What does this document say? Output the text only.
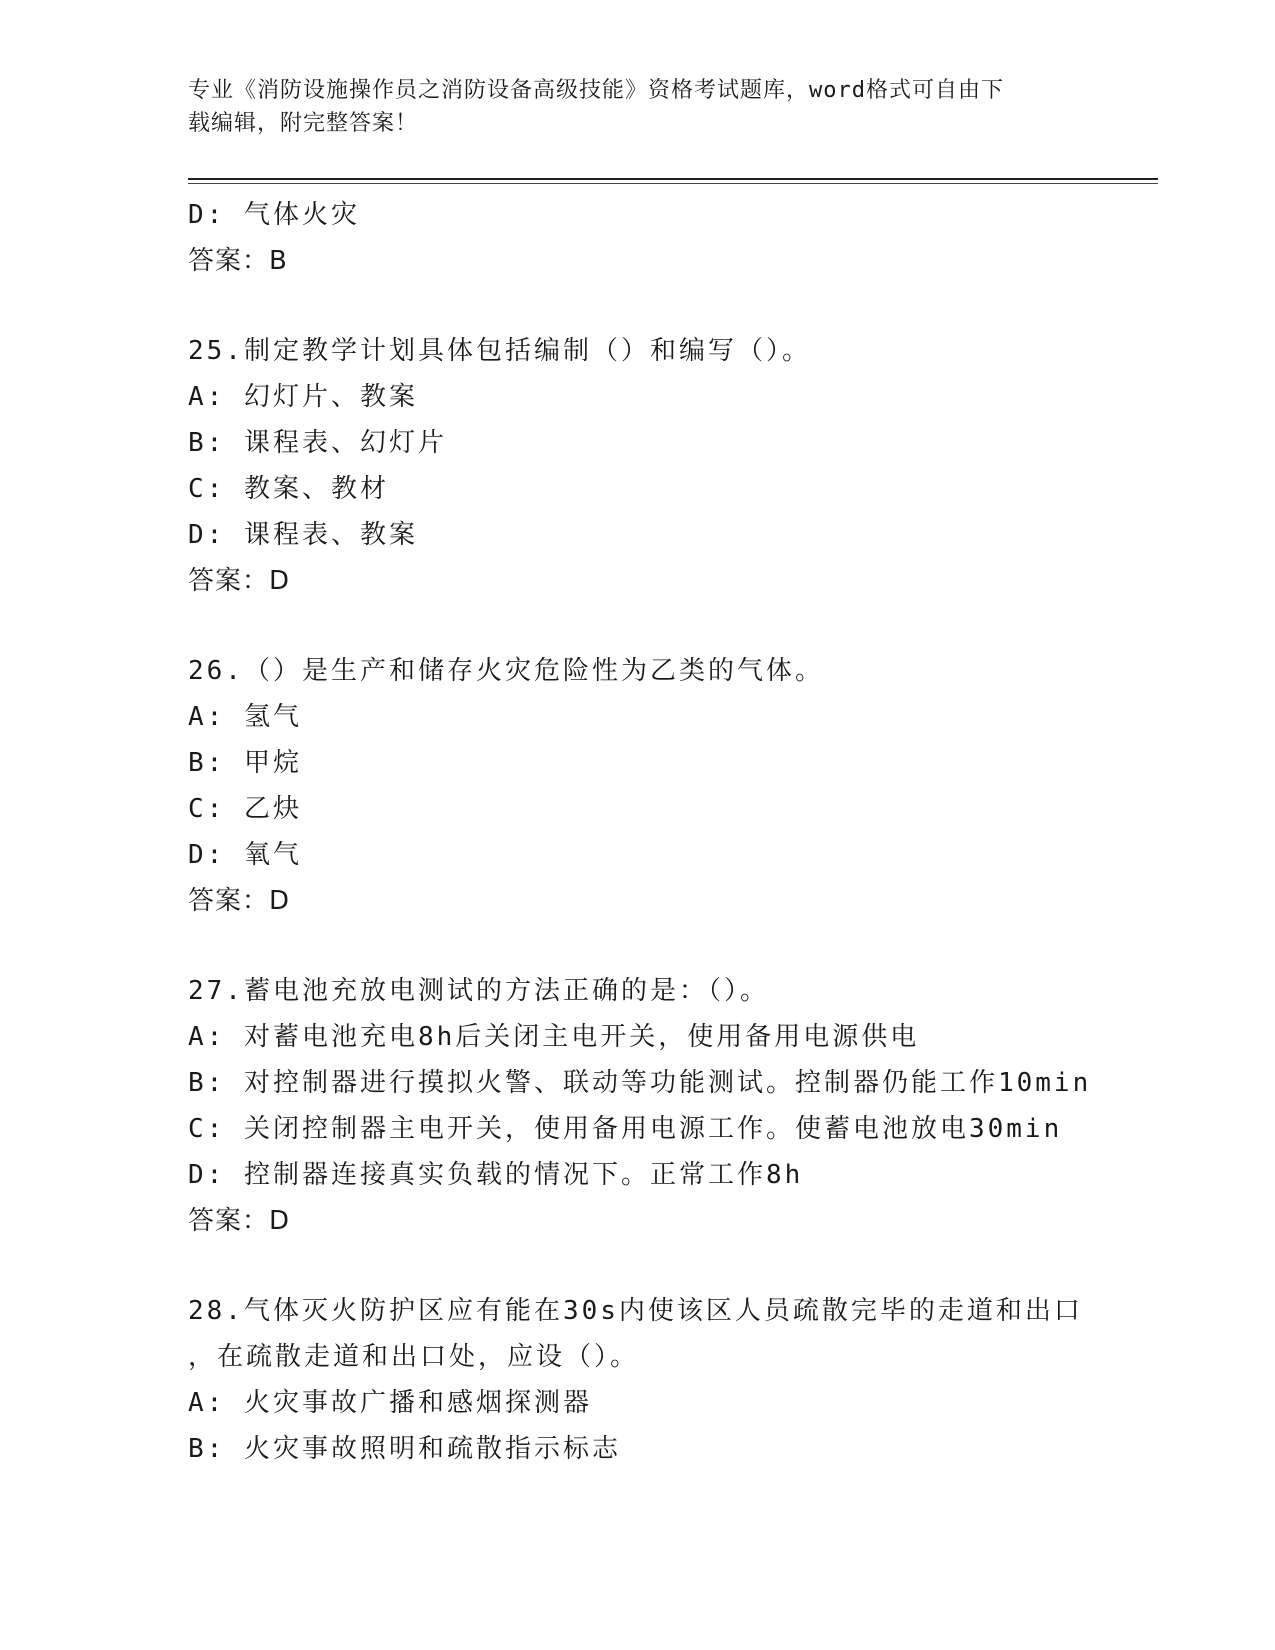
专业《消防设施操作员之消防设备高级技能》资格考试题库，word格式可自由下
载编辑，附完整答案！
D: 气体火灾
答案：B
25.制定教学计划具体包括编制（）和编写（）。
A: 幻灯片、教案
B: 课程表、幻灯片
C: 教案、教材
D: 课程表、教案
答案：D
26.（）是生产和储存火灾危险性为乙类的气体。
A: 氢气
B: 甲烷
C: 乙炔
D: 氧气
答案：D
27.蓄电池充放电测试的方法正确的是：（）。
A: 对蓄电池充电8h后关闭主电开关，使用备用电源供电
B: 对控制器进行摸拟火警、联动等功能测试。控制器仍能工作10min
C: 关闭控制器主电开关，使用备用电源工作。使蓄电池放电30min
D: 控制器连接真实负载的情况下。正常工作8h
答案：D
28.气体灭火防护区应有能在30s内使该区人员疏散完毕的走道和出口
，在疏散走道和出口处，应设（）。
A: 火灾事故广播和感烟探测器
B: 火灾事故照明和疏散指示标志
